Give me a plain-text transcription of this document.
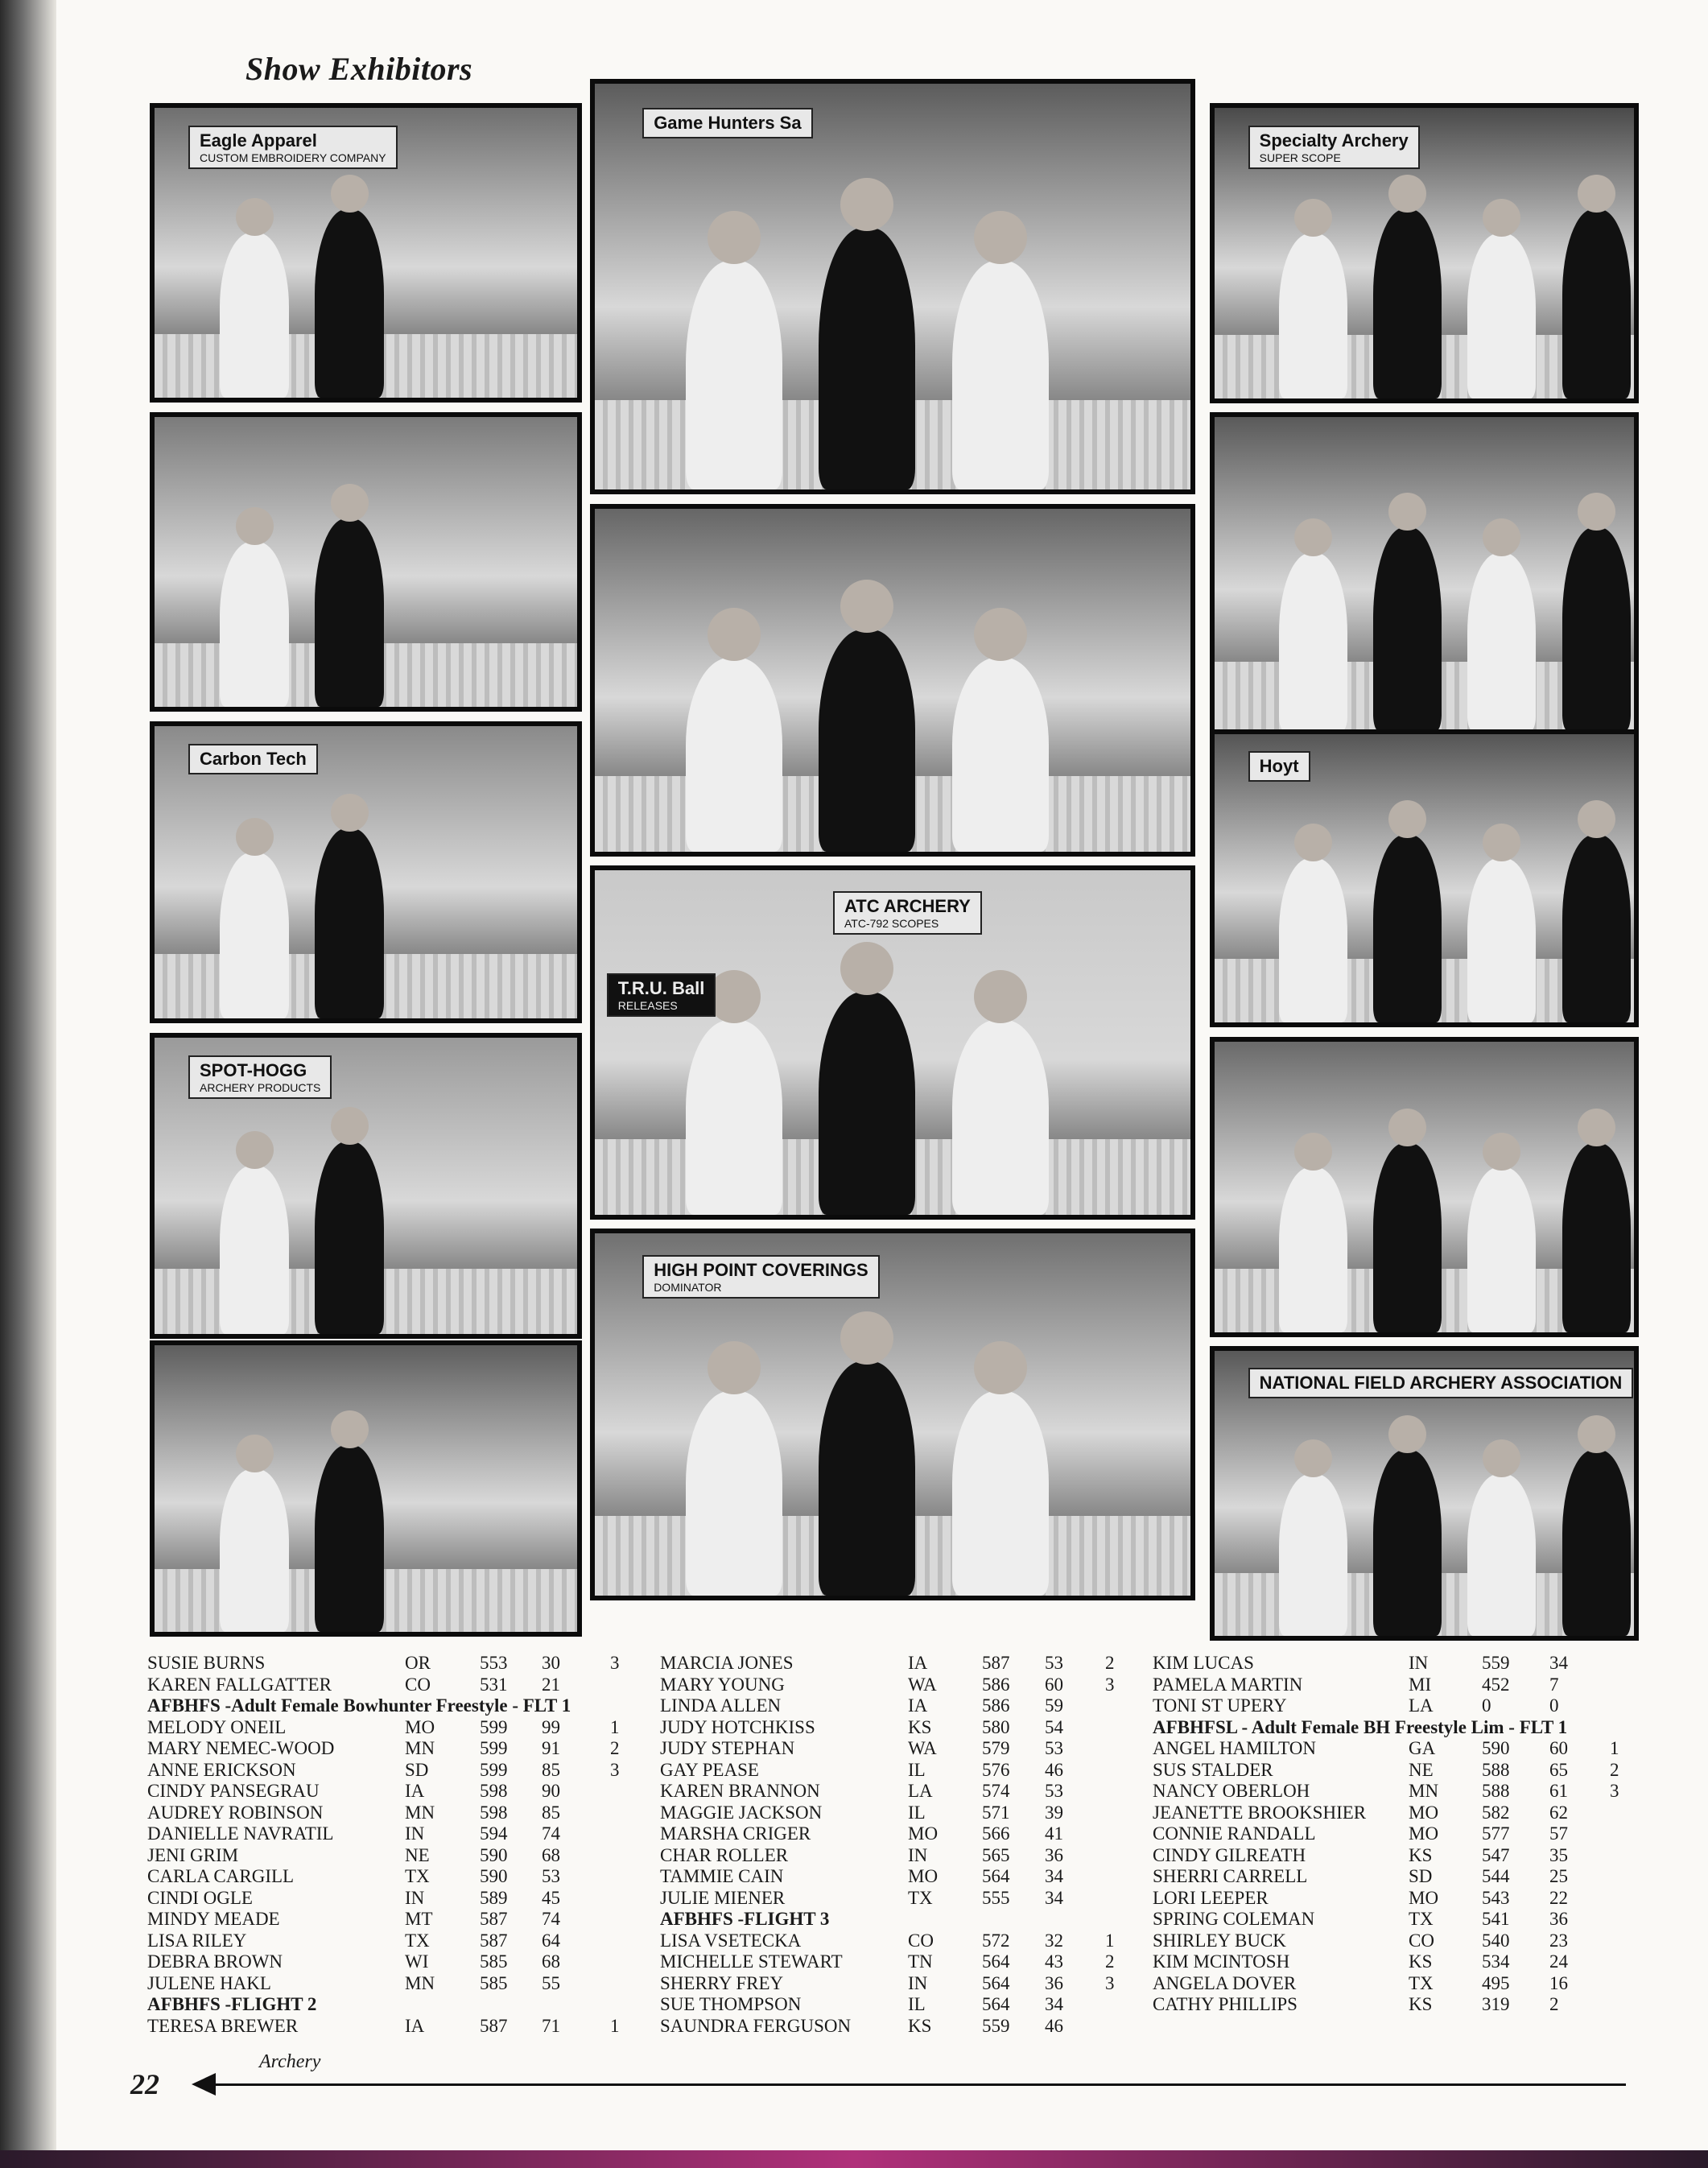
Show Exhibitors
Eagle Apparel
CUSTOM EMBROIDERY COMPANY
Game Hunters Sa
Specialty Archery
SUPER SCOPE
Carbon Tech
ATC ARCHERY
ATC-792 SCOPES
T.R.U. Ball
RELEASES
Hoyt
SPOT-HOGG
ARCHERY PRODUCTS
HIGH POINT COVERINGS
DOMINATOR
NATIONAL FIELD ARCHERY ASSOCIATION
SUSIE BURNS	OR	553 30	3
KAREN FALLGATTER	CO	531 21
AFBHFS -Adult Female Bowhunter Freestyle - FLT 1
MELODY ONEIL	MO 599 99	1
MARY NEMEC-WOOD	MN 599 91	2
ANNE ERICKSON	SD	599 85	3
CINDY PANSEGRAU	IA	598 90
AUDREY ROBINSON	MN 598 85
DANIELLE NAVRATIL	IN	594 74
JENI GRIM	NE	590 68
CARLA CARGILL	TX	590 53
CINDI OGLE	IN	589 45
MINDY MEADE	MT	587 74
LISA RILEY	TX	587 64
DEBRA BROWN	WI	585 68
JULENE HAKL	MN 585 55
AFBHFS -FLIGHT 2
TERESA BREWER	IA	587 71	1
MARCIA JONES	IA	587 53 2
MARY YOUNG	WA 586 60 3
LINDA ALLEN	IA	586 59
JUDY HOTCHKISS	KS	580 54
JUDY STEPHAN	WA 579 53
GAY PEASE	IL	576 46
KAREN BRANNON	LA	574 53
MAGGIE JACKSON	IL	571 39
MARSHA CRIGER	MO 566 41
CHAR ROLLER	IN	565 36
TAMMIE CAIN	MO 564 34
JULIE MIENER	TX	555 34
AFBHFS -FLIGHT 3
LISA VSETECKA	CO	572 32 1
MICHELLE STEWART	TN	564 43 2
SHERRY FREY	IN	564 36 3
SUE THOMPSON	IL	564 34
SAUNDRA FERGUSON	KS	559 46
KIM LUCAS	IN	559 34
PAMELA MARTIN	MI	452 7
TONI ST UPERY	LA	0	0
AFBHFSL - Adult Female BH Freestyle Lim - FLT 1
ANGEL HAMILTON	GA	590 60 1
SUS STALDER	NE	588 65 2
NANCY OBERLOH	MN 588 61 3
JEANETTE BROOKSHIER MO 582 62
CONNIE RANDALL	MO 577 57
CINDY GILREATH	KS	547 35
SHERRI CARRELL	SD	544 25
LORI LEEPER	MO 543 22
SPRING COLEMAN	TX	541 36
SHIRLEY BUCK	CO	540 23
KIM MCINTOSH	KS	534 24
ANGELA DOVER	TX	495 16
CATHY PHILLIPS	KS	319 2
22
Archery
